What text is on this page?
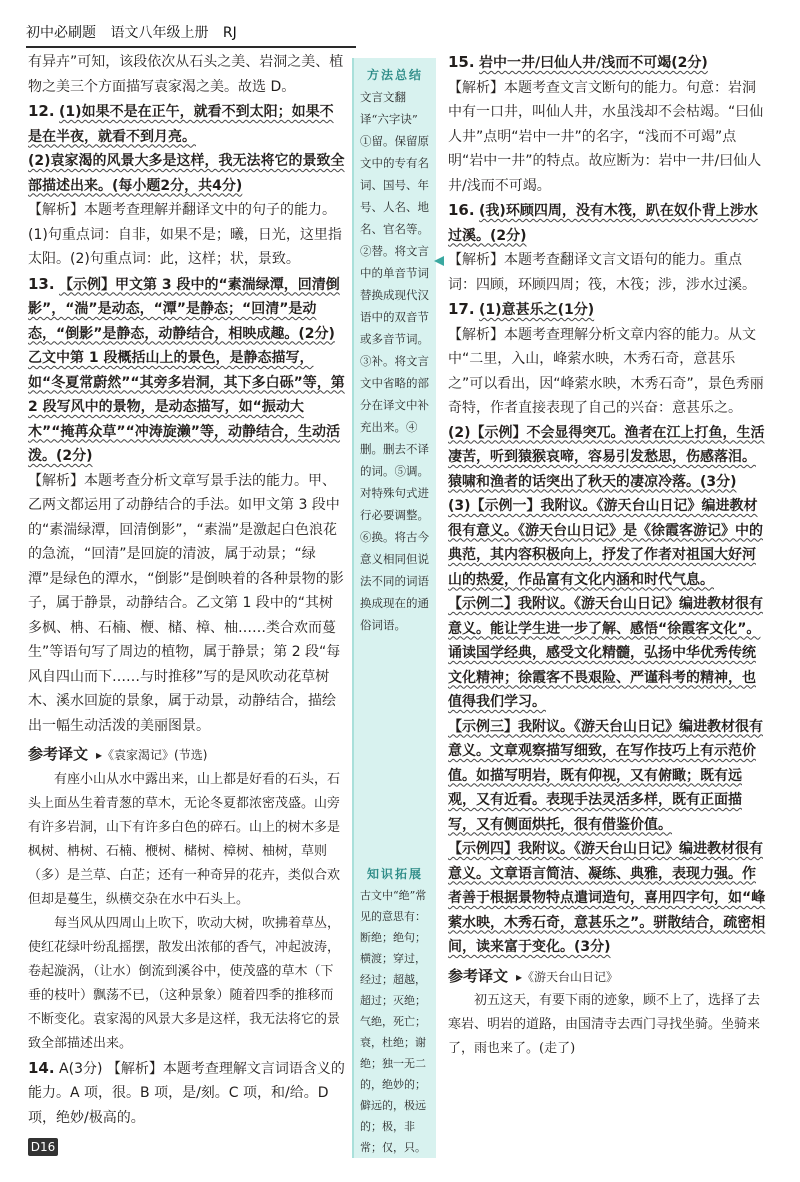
初中必刷题 语文八年级上册 RJ

有异卉”可知，该段依次从石头之美、岩洞之美、植物之美三个方面描写袁家渴之美。故选 D。

12. (1)如果不是在正午，就看不到太阳；如果不是在半夜，就看不到月亮。

(2)袁家渴的风景大多是这样，我无法将它的景致全部描述出来。(每小题2分，共4分)

【解析】本题考查理解并翻译文中的句子的能力。(1)句重点词：自非，如果不是；曦，日光，这里指太阳。(2)句重点词：此，这样；状，景致。

13. 【示例】甲文第 3 段中的“素湍绿潭，回清倒影”，“湍”是动态，“潭”是静态；“回清”是动态，“倒影”是静态，动静结合，相映成趣。(2分)乙文中第 1 段概括山上的景色，是静态描写，如“冬夏常蔚然”“其旁多岩洞，其下多白砾”等，第 2 段写风中的景物，是动态描写，如“振动大木”“掩苒众草”“冲涛旋濑”等，动静结合，生动活泼。(2分)

【解析】本题考查分析文章写景手法的能力。甲、乙两文都运用了动静结合的手法。如甲文第 3 段中的“素湍绿潭，回清倒影”，“素湍”是激起白色浪花的急流，“回清”是回旋的清波，属于动景；“绿潭”是绿色的潭水，“倒影”是倒映着的各种景物的影子，属于静景，动静结合。乙文第 1 段中的“其树多枫、柟、石楠、楩、槠、樟、柚……类合欢而蔓生”等语句写了周边的植物，属于静景；第 2 段“每风自四山而下……与时推移”写的是风吹动花草树木、溪水回旋的景象，属于动景，动静结合，描绘出一幅生动活泼的美丽图景。

参考译文 ▸《袁家渴记》(节选)

有座小山从水中露出来，山上都是好看的石头，石头上面丛生着青葱的草木，无论冬夏都浓密茂盛。山旁有许多岩洞，山下有许多白色的碎石。山上的树木多是枫树、柟树、石楠、楩树、槠树、樟树、柚树，草则（多）是兰草、白芷；还有一种奇异的花卉，类似合欢但却是蔓生，纵横交杂在水中石头上。

每当风从四周山上吹下，吹动大树，吹拂着草丛，使红花绿叶纷乱摇摆，散发出浓郁的香气，冲起波涛，卷起漩涡，（让水）倒流到溪谷中，使茂盛的草木（下垂的枝叶）飘荡不已，（这种景象）随着四季的推移而不断变化。袁家渴的风景大多是这样，我无法将它的景致全部描述出来。

14. A(3分) 【解析】本题考查理解文言词语含义的能力。A 项，很。B 项，是/刻。C 项，和/给。D 项，绝妙/极高的。

方法总结
文言文翻译“六字诀”
①留。保留原文中的专有名词、国号、年号、人名、地名、官名等。②替。将文言中的单音节词替换成现代汉语中的双音节或多音节词。③补。将文言文中省略的部分在译文中补充出来。④删。删去不译的词。⑤调。对特殊句式进行必要调整。⑥换。将古今意义相同但说法不同的词语换成现在的通俗词语。
知识拓展
古文中“绝”常见的意思有：断绝；绝句；横渡；穿过，经过；超越，超过；灭绝；气绝，死亡；衰，杜绝；谢绝；独一无二的，绝妙的；僻远的，极远的；极，非常；仅，只。

15. 岩中一井/曰仙人井/浅而不可竭(2分)

【解析】本题考查文言文断句的能力。句意：岩洞中有一口井，叫仙人井，水虽浅却不会枯竭。“曰仙人井”点明“岩中一井”的名字，“浅而不可竭”点明“岩中一井”的特点。故应断为：岩中一井/曰仙人井/浅而不可竭。

16. (我)环顾四周，没有木筏，趴在奴仆背上涉水过溪。(2分)

【解析】本题考查翻译文言文语句的能力。重点词：四顾，环顾四周；筏，木筏；涉，涉水过溪。

17. (1)意甚乐之(1分)

【解析】本题考查理解分析文章内容的能力。从文中“二里，入山，峰萦水映，木秀石奇，意甚乐之”可以看出，因“峰萦水映，木秀石奇”，景色秀丽奇特，作者直接表现了自己的兴奋：意甚乐之。

(2)【示例】不会显得突兀。渔者在江上打鱼，生活凄苦，听到猿猴哀啼，容易引发愁思，伤感落泪。猿啸和渔者的话突出了秋天的凄凉冷落。(3分)

(3)【示例一】我附议。《游天台山日记》编进教材很有意义。《游天台山日记》是《徐霞客游记》中的典范，其内容积极向上，抒发了作者对祖国大好河山的热爱，作品富有文化内涵和时代气息。

【示例二】我附议。《游天台山日记》编进教材很有意义。能让学生进一步了解、感悟“徐霞客文化”。诵读国学经典，感受文化精髓，弘扬中华优秀传统文化精神；徐霞客不畏艰险、严谨科考的精神，也值得我们学习。

【示例三】我附议。《游天台山日记》编进教材很有意义。文章观察描写细致，在写作技巧上有示范价值。如描写明岩，既有仰视，又有俯瞰；既有远观，又有近看。表现手法灵活多样，既有正面描写，又有侧面烘托，很有借鉴价值。

【示例四】我附议。《游天台山日记》编进教材很有意义。文章语言简洁、凝练、典雅，表现力强。作者善于根据景物特点遣词造句，喜用四字句，如“峰萦水映，木秀石奇，意甚乐之”。骈散结合，疏密相间，读来富于变化。(3分)

参考译文 ▸《游天台山日记》

初五这天，有要下雨的迹象，顾不上了，选择了去寒岩、明岩的道路，由国清寺去西门寻找坐骑。坐骑来了，雨也来了。(走了)

D16
